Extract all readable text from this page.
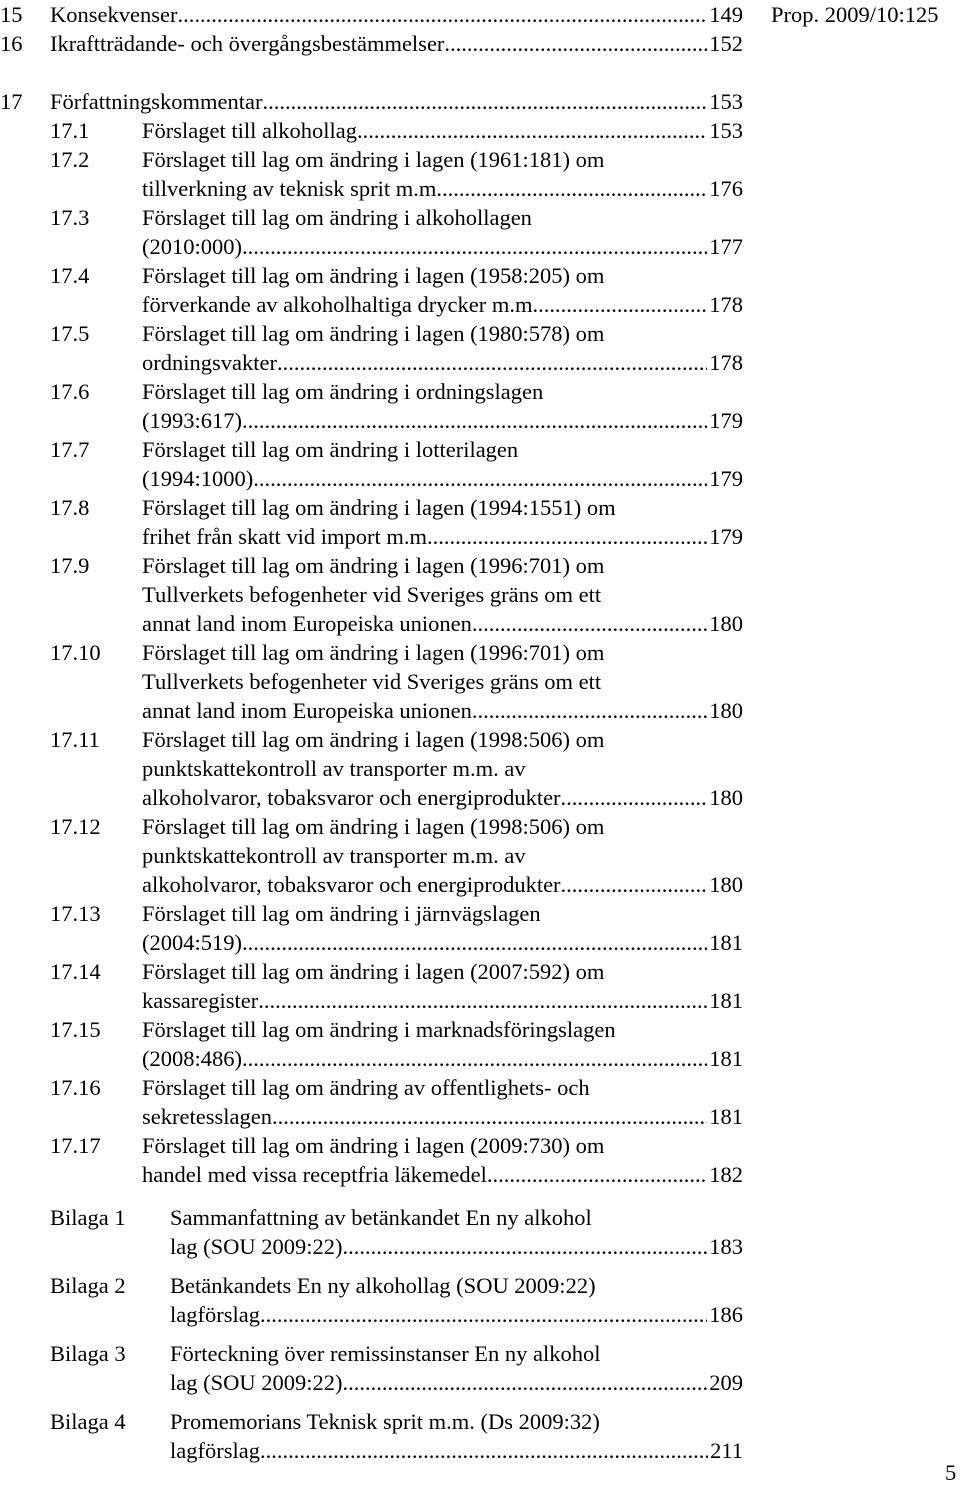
15 Konsekvenser .....	149
16 Ikraftträdande- och övergångsbestämmelser .....	152
17 Författningskommentar .....	153
17.1 Förslaget till alkohollag .....	153
17.2 Förslaget till lag om ändring i lagen (1961:181) om
tillverkning av teknisk sprit m.m. .....	176
17.3 Förslaget till lag om ändring i alkohollagen
(2010:000) .....	177
17.4 Förslaget till lag om ändring i lagen (1958:205) om
förverkande av alkoholhaltiga drycker m.m. .....	178
17.5 Förslaget till lag om ändring i lagen (1980:578) om
ordningsvakter .....	178
17.6 Förslaget till lag om ändring i ordningslagen
(1993:617) .....	179
17.7 Förslaget till lag om ändring i lotterilagen
(1994:1000) .....	179
17.8 Förslaget till lag om ändring i lagen (1994:1551) om
frihet från skatt vid import m.m. .....	179
17.9 Förslaget till lag om ändring i lagen (1996:701) om
Tullverkets befogenheter vid Sveriges gräns om ett
annat land inom Europeiska unionen .....	180
17.10 Förslaget till lag om ändring i lagen (1996:701) om
Tullverkets befogenheter vid Sveriges gräns om ett
annat land inom Europeiska unionen .....	180
17.11 Förslaget till lag om ändring i lagen (1998:506) om
punktskattekontroll av transporter m.m. av
alkoholvaror, tobaksvaror och energiprodukter .....	180
17.12 Förslaget till lag om ändring i lagen (1998:506) om
punktskattekontroll av transporter m.m. av
alkoholvaror, tobaksvaror och energiprodukter .....	180
17.13 Förslaget till lag om ändring i järnvägslagen
(2004:519) .....	181
17.14 Förslaget till lag om ändring i lagen (2007:592) om
kassaregister .....	181
17.15 Förslaget till lag om ändring i marknadsföringslagen
(2008:486) .....	181
17.16 Förslaget till lag om ändring av offentlighets- och
sekretesslagen .....	181
17.17 Förslaget till lag om ändring i lagen (2009:730) om
handel med vissa receptfria läkemedel .....	182
Bilaga 1 Sammanfattning av betänkandet En ny alkohol
lag (SOU 2009:22) .....	183
Bilaga 2 Betänkandets En ny alkohollag (SOU 2009:22)
lagförslag .....	186
Bilaga 3 Förteckning över remissinstanser En ny alkohol
lag (SOU 2009:22) .....	209
Bilaga 4 Promemorians Teknisk sprit m.m. (Ds 2009:32)
lagförslag .....	211
Prop. 2009/10:125
5
